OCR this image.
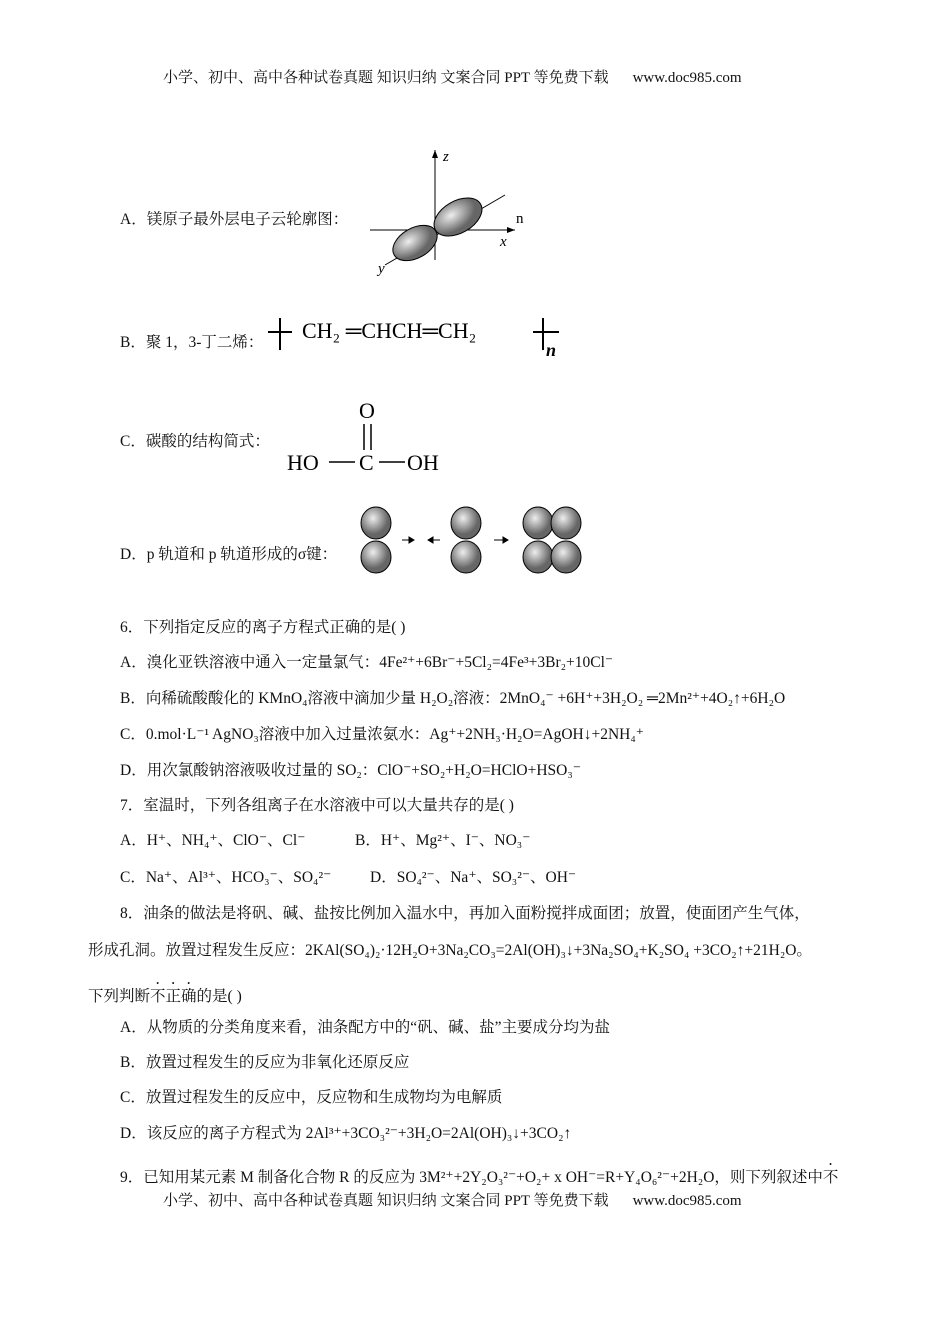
小学、初中、高中各种试卷真题 知识归纳 文案合同 PPT 等免费下载 www.doc985.com
A．镁原子最外层电子云轮廓图：
z
n
x
y
B．聚 1，3-丁二烯： CH₂ ═CHCH═CH₂
n
C．碳酸的结构简式：
O
HO C OH
D．p 轨道和 p 轨道形成的σ键：
6．下列指定反应的离子方程式正确的是( )
A．溴化亚铁溶液中通入一定量氯气：4Fe²⁺+6Br⁻+5Cl₂=4Fe³+3Br₂+10Cl⁻
B．向稀硫酸酸化的 KMnO₄溶液中滴加少量 H₂O₂溶液：2MnO₄⁻ +6H⁺+3H₂O₂ ═2Mn²⁺+4O₂↑+6H₂O
C．0.mol·L⁻¹ AgNO₃溶液中加入过量浓氨水：Ag⁺+2NH₃·H₂O=AgOH↓+2NH₄⁺
D．用次氯酸钠溶液吸收过量的 SO₂：ClO⁻+SO₂+H₂O=HClO+HSO₃⁻
7．室温时，下列各组离子在水溶液中可以大量共存的是( )
A．H⁺、NH₄⁺、ClO⁻、Cl⁻	B．H⁺、Mg²⁺、I⁻、NO₃⁻
C．Na⁺、Al³⁺、HCO₃⁻、SO₄²⁻ D．SO₄²⁻、Na⁺、SO₃²⁻、OH⁻
8．油条的做法是将矾、碱、盐按比例加入温水中，再加入面粉搅拌成面团；放置，使面团产生气体，
形成孔洞。放置过程发生反应：2KAl(SO₄)₂·12H₂O+3Na₂CO₃=2Al(OH)₃↓+3Na₂SO₄+K₂SO₄ +3CO₂↑+21H₂O。
下列判断不正确的是( )
A．从物质的分类角度来看，油条配方中的“矾、碱、盐”主要成分均为盐
B．放置过程发生的反应为非氧化还原反应
C．放置过程发生的反应中，反应物和生成物均为电解质
D．该反应的离子方程式为 2Al³⁺+3CO₃²⁻+3H₂O=2Al(OH)₃↓+3CO₂↑
9．已知用某元素 M 制备化合物 R 的反应为 3M²⁺+2Y₂O₃²⁻+O₂+ x OH⁻=R+Y₄O₆²⁻+2H₂O，则下列叙述中不
小学、初中、高中各种试卷真题 知识归纳 文案合同 PPT 等免费下载 www.doc985.com
